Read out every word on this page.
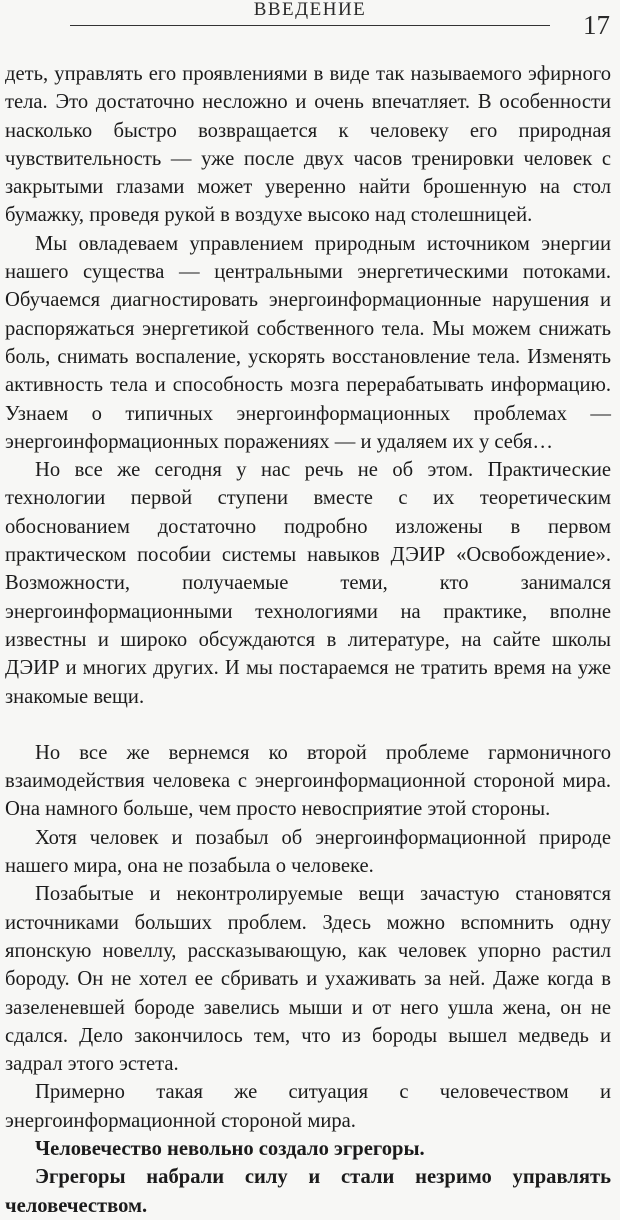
ВВЕДЕНИЕ
17

деть, управлять его проявлениями в виде так называемого эфирного тела. Это достаточно несложно и очень впечатляет. В особенности насколько быстро возвращается к человеку его природная чувствительность — уже после двух часов тренировки человек с закрытыми глазами может уверенно найти брошенную на стол бумажку, проведя рукой в воздухе высоко над столешницей.

Мы овладеваем управлением природным источником энергии нашего существа — центральными энергетическими потоками. Обучаемся диагностировать энергоинформационные нарушения и распоряжаться энергетикой собственного тела. Мы можем снижать боль, снимать воспаление, ускорять восстановление тела. Изменять активность тела и способность мозга перерабатывать информацию. Узнаем о типичных энергоинформационных проблемах — энергоинформационных поражениях — и удаляем их у себя…

Но все же сегодня у нас речь не об этом. Практические технологии первой ступени вместе с их теоретическим обоснованием достаточно подробно изложены в первом практическом пособии системы навыков ДЭИР «Освобождение». Возможности, получаемые теми, кто занимался энергоинформационными технологиями на практике, вполне известны и широко обсуждаются в литературе, на сайте школы ДЭИР и многих других. И мы постараемся не тратить время на уже знакомые вещи.

Но все же вернемся ко второй проблеме гармоничного взаимодействия человека с энергоинформационной стороной мира. Она намного больше, чем просто невосприятие этой стороны.

Хотя человек и позабыл об энергоинформационной природе нашего мира, она не позабыла о человеке.

Позабытые и неконтролируемые вещи зачастую становятся источниками больших проблем. Здесь можно вспомнить одну японскую новеллу, рассказывающую, как человек упорно растил бороду. Он не хотел ее сбривать и ухаживать за ней. Даже когда в зазеленевшей бороде завелись мыши и от него ушла жена, он не сдался. Дело закончилось тем, что из бороды вышел медведь и задрал этого эстета.

Примерно такая же ситуация с человечеством и энергоинформационной стороной мира.

Человечество невольно создало эгрегоры.

Эгрегоры набрали силу и стали незримо управлять человечеством.
